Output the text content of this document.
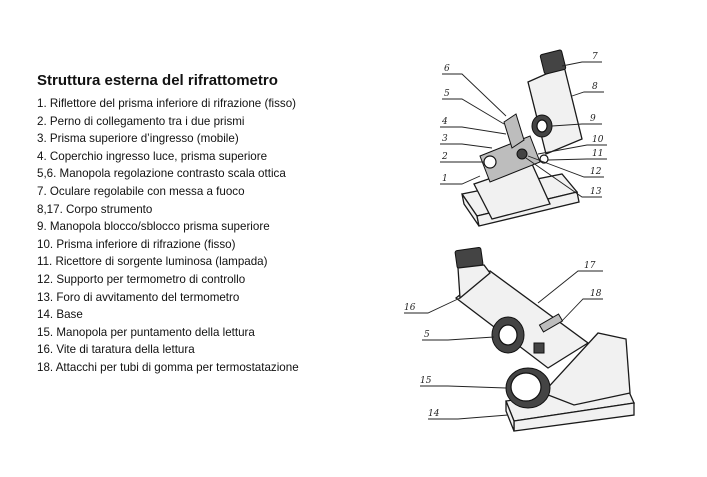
Struttura esterna del rifrattometro
1. Riflettore del prisma inferiore di rifrazione (fisso)
2. Perno di collegamento tra i due prismi
3. Prisma superiore d’ingresso (mobile)
4. Coperchio ingresso luce, prisma superiore
5,6. Manopola regolazione contrasto scala ottica
7. Oculare regolabile con messa a fuoco
8,17. Corpo strumento
9. Manopola blocco/sblocco prisma superiore
10. Prisma inferiore di rifrazione (fisso)
11. Ricettore di sorgente luminosa (lampada)
12. Supporto per termometro di controllo
13. Foro di avvitamento del termometro
14. Base
15. Manopola per puntamento della lettura
16. Vite di taratura della lettura
18. Attacchi per tubi di gomma per termostatazione
6
5
4
3
2
1
7
8
9
10
11
12
13
16
5
15
14
17
18
